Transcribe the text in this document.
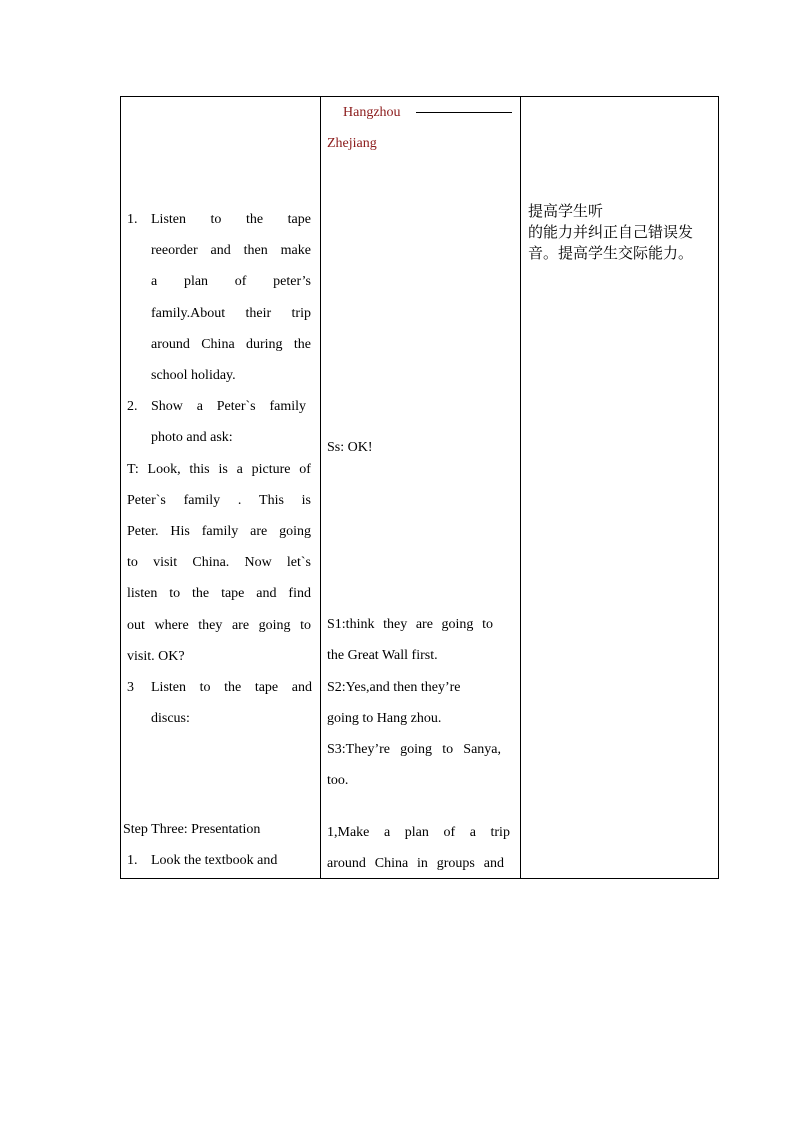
Hangzhou
Zhejiang
1. Listen to the tape
reeorder and then make
a plan of peter’s
family.About their trip
around China during the
school holiday.
2. Show a Peter`s family
photo and ask:
T: Look, this is a picture of
Peter`s family . This is
Peter. His family are going
to visit China. Now let`s
listen to the tape and find
out where they are going to
visit. OK?
3 Listen to the tape and
discus:
Step Three: Presentation
1. Look the textbook and
Ss: OK!
S1:think they are going to
the Great Wall first.
S2:Yes,and then they’re
going to Hang zhou.
S3:They’re going to Sanya,
too.
1,Make a plan of a trip
around China in groups and
提高学生听
的能力并纠正自己错误发
音。提高学生交际能力。
